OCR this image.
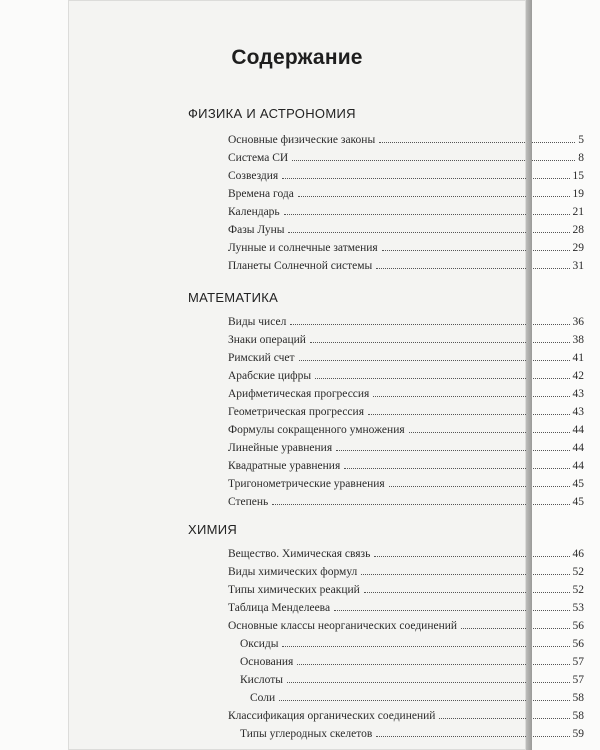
Содержание
ФИЗИКА И АСТРОНОМИЯ
Основные физические законы	5
Система СИ	8
Созвездия	15
Времена года	19
Календарь	21
Фазы Луны	28
Лунные и солнечные затмения	29
Планеты Солнечной системы	31
МАТЕМАТИКА
Виды чисел	36
Знаки операций	38
Римский счет	41
Арабские цифры	42
Арифметическая прогрессия	43
Геометрическая прогрессия	43
Формулы сокращенного умножения	44
Линейные уравнения	44
Квадратные уравнения	44
Тригонометрические уравнения	45
Степень	45
ХИМИЯ
Вещество. Химическая связь	46
Виды химических формул	52
Типы химических реакций	52
Таблица Менделеева	53
Основные классы неорганических соединений	56
Оксиды	56
Основания	57
Кислоты	57
Соли	58
Классификация органических соединений	58
Типы углеродных скелетов	59
